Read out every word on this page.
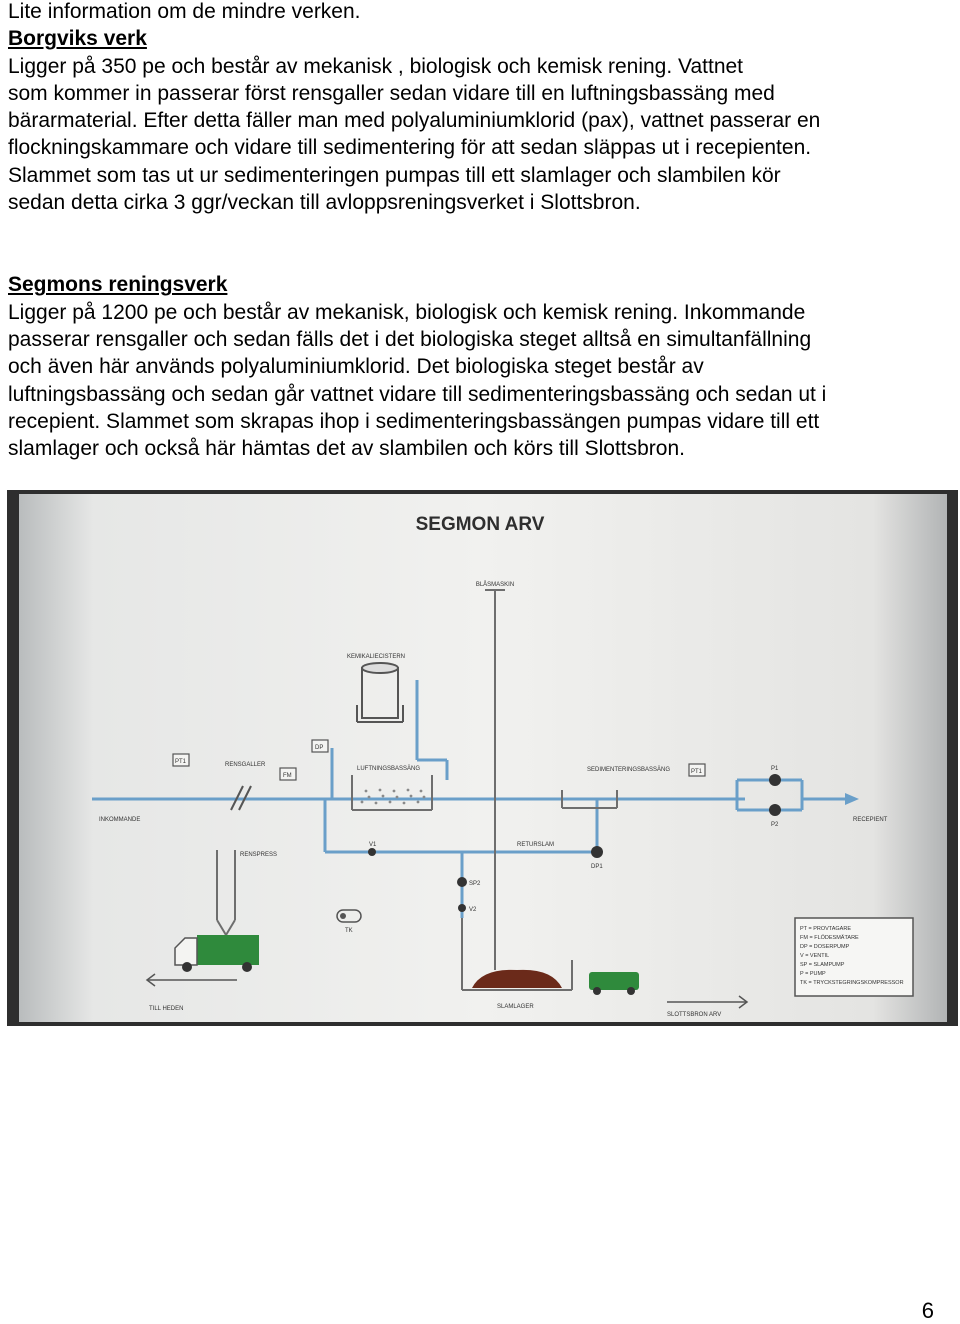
Lite information om de mindre verken.
Borgviks verk
Ligger på 350 pe och består av mekanisk , biologisk och kemisk rening. Vattnet
som kommer in passerar först rensgaller sedan vidare till en luftningsbassäng med
bärarmaterial. Efter detta fäller man med polyaluminiumklorid (pax), vattnet passerar en
flockningskammare och vidare till sedimentering för att sedan släppas ut i recepienten.
Slammet som tas ut ur sedimenteringen pumpas till ett slamlager och slambilen kör
sedan detta cirka 3 ggr/veckan till avloppsreningsverket i Slottsbron.
Segmons reningsverk
Ligger på 1200 pe och består av mekanisk, biologisk och kemisk rening. Inkommande
passerar rensgaller och sedan fälls det i det biologiska steget alltså en simultanfällning
och även här används polyaluminiumklorid. Det biologiska steget består av
luftningsbassäng och sedan går vattnet vidare till sedimenteringsbassäng och sedan ut i
recepient. Slammet som skrapas ihop i sedimenteringsbassängen pumpas vidare till ett
slamlager och också här hämtas det av slambilen och körs till Slottsbron.
SEGMON ARV
BLÅSMASKIN
KEMIKALIECISTERN
RENSGALLER
LUFTNINGSBASSÄNG	SEDIMENTERINGSBASSÄNG
INKOMMANDE	RECEPIENT
RENSPRESS
RETURSLAM
SLAMLAGER
TILL HEDEN
SLOTTSBRON ARV
PT1
PT1
FM
DP
V1
SP2
V2
DP1
TK
P1
P2
PT = PROVTAGARE
FM = FLÖDESMÄTARE
DP = DOSERPUMP
V = VENTIL
SP = SLAMPUMP
P = PUMP
TK = TRYCKSTEGRINGSKOMPRESSOR
6
